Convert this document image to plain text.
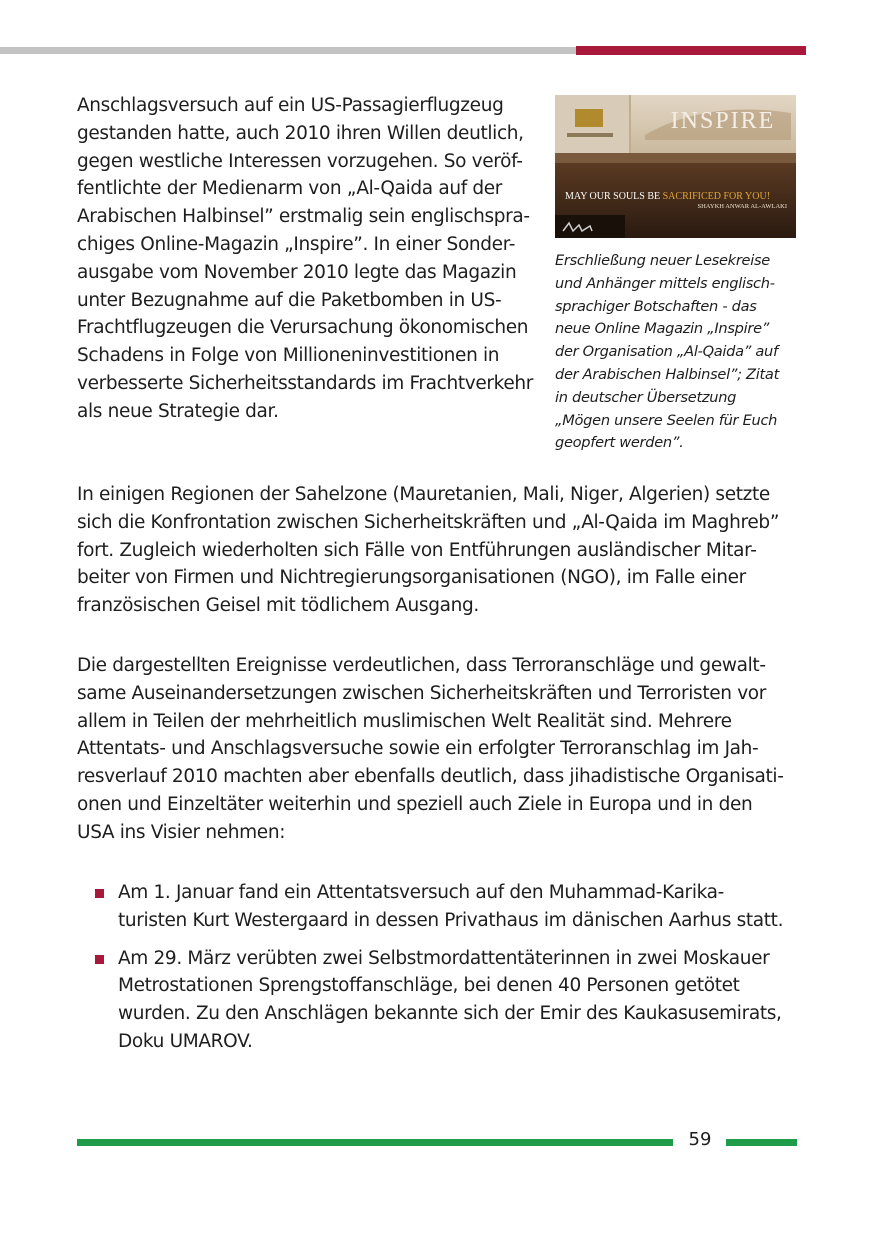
Anschlagsversuch auf ein US-Passagierflugzeug

gestanden hatte, auch 2010 ihren Willen deutlich,

gegen westliche Interessen vorzugehen. So veröf-

fentlichte der Medienarm von „Al-Qaida auf der

Arabischen Halbinsel” erstmalig sein englischspra-

chiges Online-Magazin „Inspire”. In einer Sonder-

ausgabe vom November 2010 legte das Magazin

unter Bezugnahme auf die Paketbomben in US-

Frachtflugzeugen die Verursachung ökonomischen

Schadens in Folge von Millioneninvestitionen in

verbesserte Sicherheitsstandards im Frachtverkehr

als neue Strategie dar.

INSPIRE
MAY OUR SOULS BE SACRIFICED FOR YOU!
SHAYKH ANWAR AL-AWLAKI

Erschließung neuer Lesekreise

und Anhänger mittels englisch-

sprachiger Botschaften - das

neue Online Magazin „Inspire”

der Organisation „Al-Qaida” auf

der Arabischen Halbinsel”; Zitat

in deutscher Übersetzung

„Mögen unsere Seelen für Euch

geopfert werden”.

In einigen Regionen der Sahelzone (Mauretanien, Mali, Niger, Algerien) setzte

sich die Konfrontation zwischen Sicherheitskräften und „Al-Qaida im Maghreb”

fort. Zugleich wiederholten sich Fälle von Entführungen ausländischer Mitar-

beiter von Firmen und Nichtregierungsorganisationen (NGO), im Falle einer

französischen Geisel mit tödlichem Ausgang.

Die dargestellten Ereignisse verdeutlichen, dass Terroranschläge und gewalt-

same Auseinandersetzungen zwischen Sicherheitskräften und Terroristen vor

allem in Teilen der mehrheitlich muslimischen Welt Realität sind. Mehrere

Attentats- und Anschlagsversuche sowie ein erfolgter Terroranschlag im Jah-

resverlauf 2010 machten aber ebenfalls deutlich, dass jihadistische Organisati-

onen und Einzeltäter weiterhin und speziell auch Ziele in Europa und in den

USA ins Visier nehmen:

Am 1. Januar fand ein Attentatsversuch auf den Muhammad-Karika-
turisten Kurt Westergaard in dessen Privathaus im dänischen Aarhus statt.
Am 29. März verübten zwei Selbstmordattentäterinnen in zwei Moskauer
Metrostationen Sprengstoffanschläge, bei denen 40 Personen getötet
wurden. Zu den Anschlägen bekannte sich der Emir des Kaukasusemirats,
Doku UMAROV.
59
